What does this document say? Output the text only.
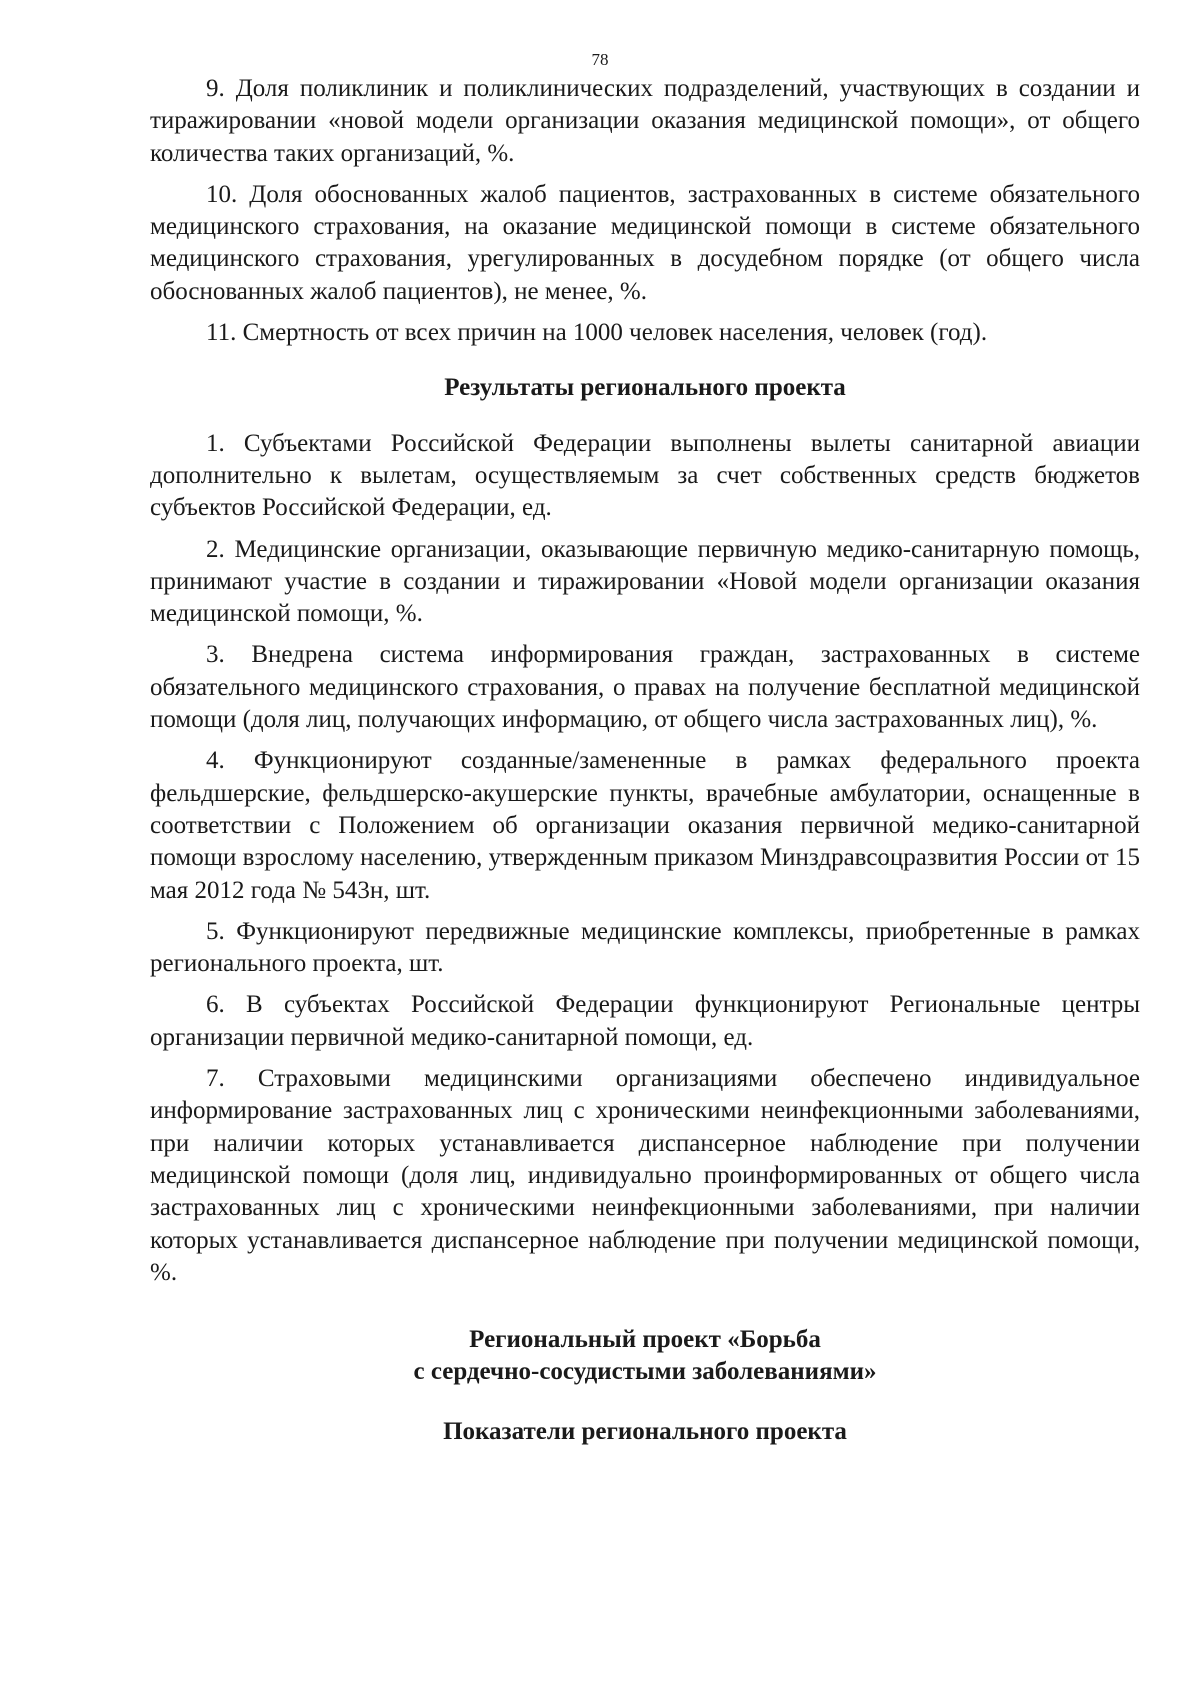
78

9. Доля поликлиник и поликлинических подразделений, участвующих в создании и тиражировании «новой модели организации оказания медицинской помощи», от общего количества таких организаций, %.

10. Доля обоснованных жалоб пациентов, застрахованных в системе обязательного медицинского страхования, на оказание медицинской помощи в системе обязательного медицинского страхования, урегулированных в досудебном порядке (от общего числа обоснованных жалоб пациентов), не менее, %.

11. Смертность от всех причин на 1000 человек населения, человек (год).

Результаты регионального проекта

1. Субъектами Российской Федерации выполнены вылеты санитарной авиации дополнительно к вылетам, осуществляемым за счет собственных средств бюджетов субъектов Российской Федерации, ед.

2. Медицинские организации, оказывающие первичную медико-санитарную помощь, принимают участие в создании и тиражировании «Новой модели организации оказания медицинской помощи, %.

3. Внедрена система информирования граждан, застрахованных в системе обязательного медицинского страхования, о правах на получение бесплатной медицинской помощи (доля лиц, получающих информацию, от общего числа застрахованных лиц), %.

4. Функционируют созданные/замененные в рамках федерального проекта фельдшерские, фельдшерско-акушерские пункты, врачебные амбулатории, оснащенные в соответствии с Положением об организации оказания первичной медико-санитарной помощи взрослому населению, утвержденным приказом Минздравсоцразвития России от 15 мая 2012 года № 543н, шт.

5. Функционируют передвижные медицинские комплексы, приобретенные в рамках регионального проекта, шт.

6. В субъектах Российской Федерации функционируют Региональные центры организации первичной медико-санитарной помощи, ед.

7. Страховыми медицинскими организациями обеспечено индивидуальное информирование застрахованных лиц с хроническими неинфекционными заболеваниями, при наличии которых устанавливается диспансерное наблюдение при получении медицинской помощи (доля лиц, индивидуально проинформированных от общего числа застрахованных лиц с хроническими неинфекционными заболеваниями, при наличии которых устанавливается диспансерное наблюдение при получении медицинской помощи, %.

Региональный проект «Борьба
с сердечно-сосудистыми заболеваниями»
Показатели регионального проекта
